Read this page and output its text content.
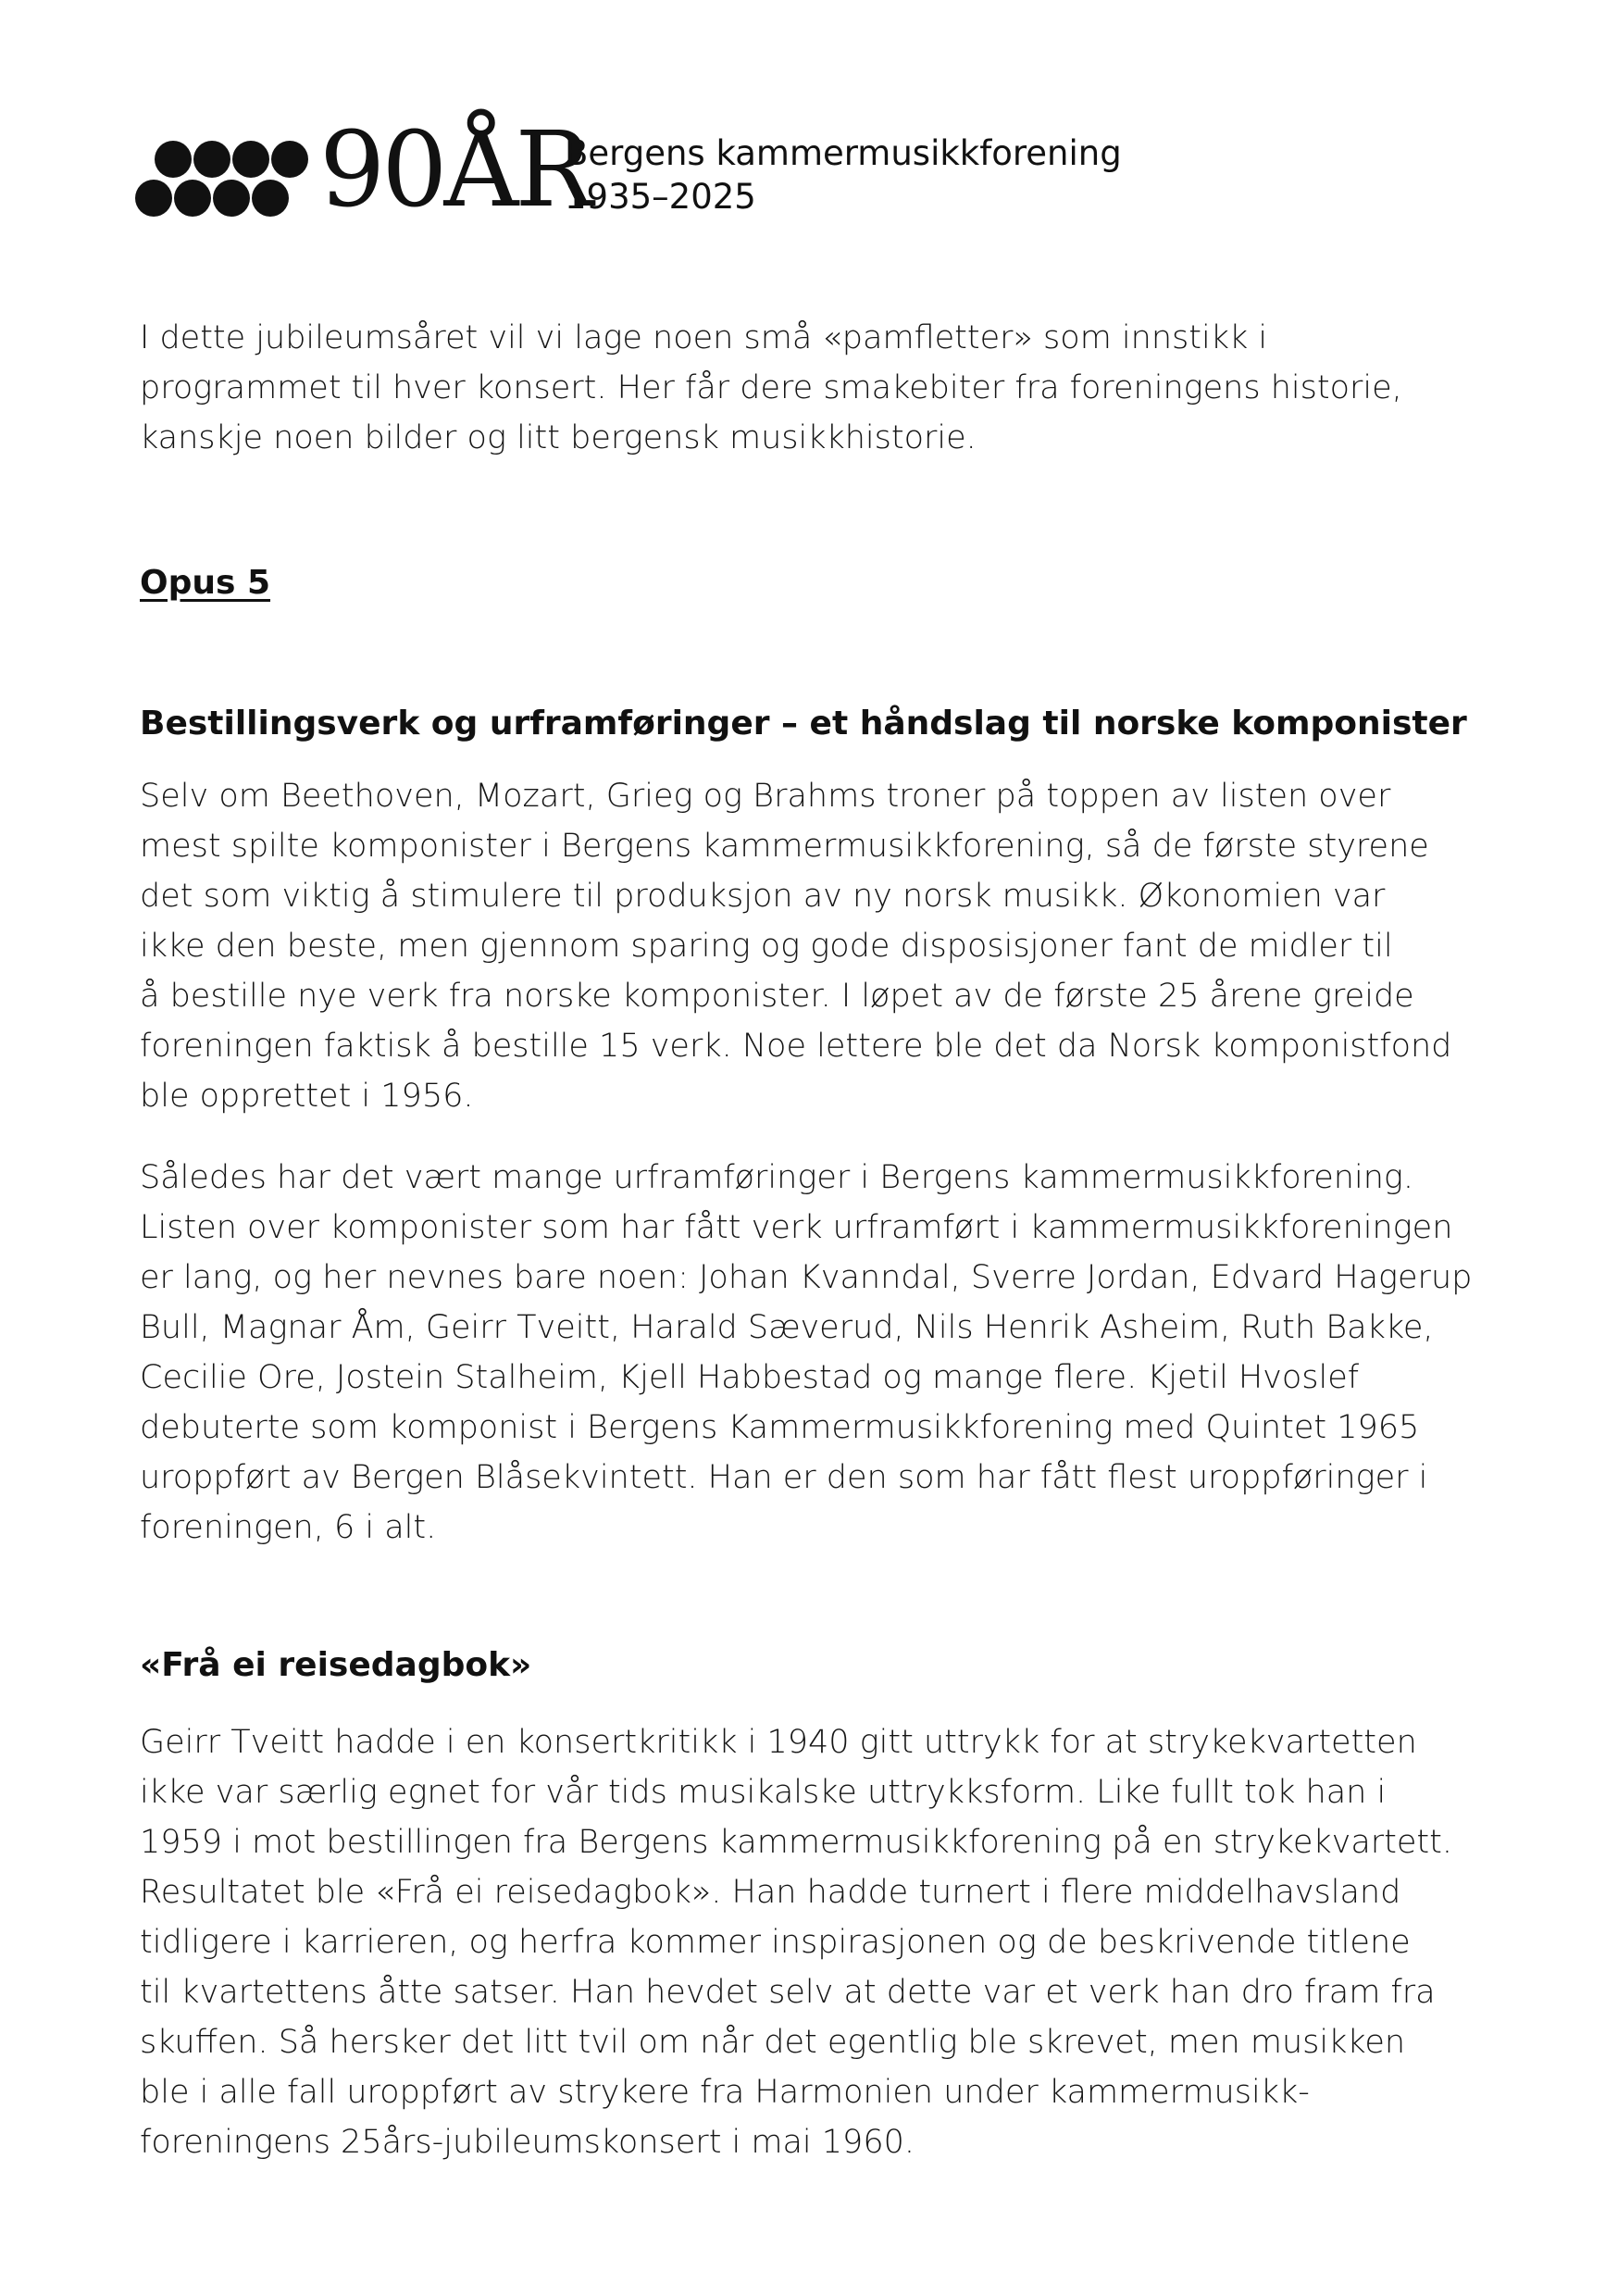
90ÅR
Bergens kammermusikkforening
1935–2025

I dette jubileumsåret vil vi lage noen små «pamfletter» som innstikk i
programmet til hver konsert. Her får dere smakebiter fra foreningens historie,
kanskje noen bilder og litt bergensk musikkhistorie.

Opus 5
Bestillingsverk og urframføringer – et håndslag til norske komponister

Selv om Beethoven, Mozart, Grieg og Brahms troner på toppen av listen over
mest spilte komponister i Bergens kammermusikkforening, så de første styrene
det som viktig å stimulere til produksjon av ny norsk musikk. Økonomien var
ikke den beste, men gjennom sparing og gode disposisjoner fant de midler til
å bestille nye verk fra norske komponister. I løpet av de første 25 årene greide
foreningen faktisk å bestille 15 verk. Noe lettere ble det da Norsk komponistfond
ble opprettet i 1956.

Således har det vært mange urframføringer i Bergens kammermusikkforening.
Listen over komponister som har fått verk urframført i kammermusikkforeningen
er lang, og her nevnes bare noen: Johan Kvanndal, Sverre Jordan, Edvard Hagerup
Bull, Magnar Åm, Geirr Tveitt, Harald Sæverud, Nils Henrik Asheim, Ruth Bakke,
Cecilie Ore, Jostein Stalheim, Kjell Habbestad og mange flere. Kjetil Hvoslef
debuterte som komponist i Bergens Kammermusikkforening med Quintet 1965
uroppført av Bergen Blåsekvintett. Han er den som har fått flest uroppføringer i
foreningen, 6 i alt.

«Frå ei reisedagbok»

Geirr Tveitt hadde i en konsertkritikk i 1940 gitt uttrykk for at strykekvartetten
ikke var særlig egnet for vår tids musikalske uttrykksform. Like fullt tok han i
1959 i mot bestillingen fra Bergens kammermusikkforening på en strykekvartett.
Resultatet ble «Frå ei reisedagbok». Han hadde turnert i flere middelhavsland
tidligere i karrieren, og herfra kommer inspirasjonen og de beskrivende titlene
til kvartettens åtte satser. Han hevdet selv at dette var et verk han dro fram fra
skuffen. Så hersker det litt tvil om når det egentlig ble skrevet, men musikken
ble i alle fall uroppført av strykere fra Harmonien under kammermusikk-
foreningens 25års-jubileumskonsert i mai 1960.
